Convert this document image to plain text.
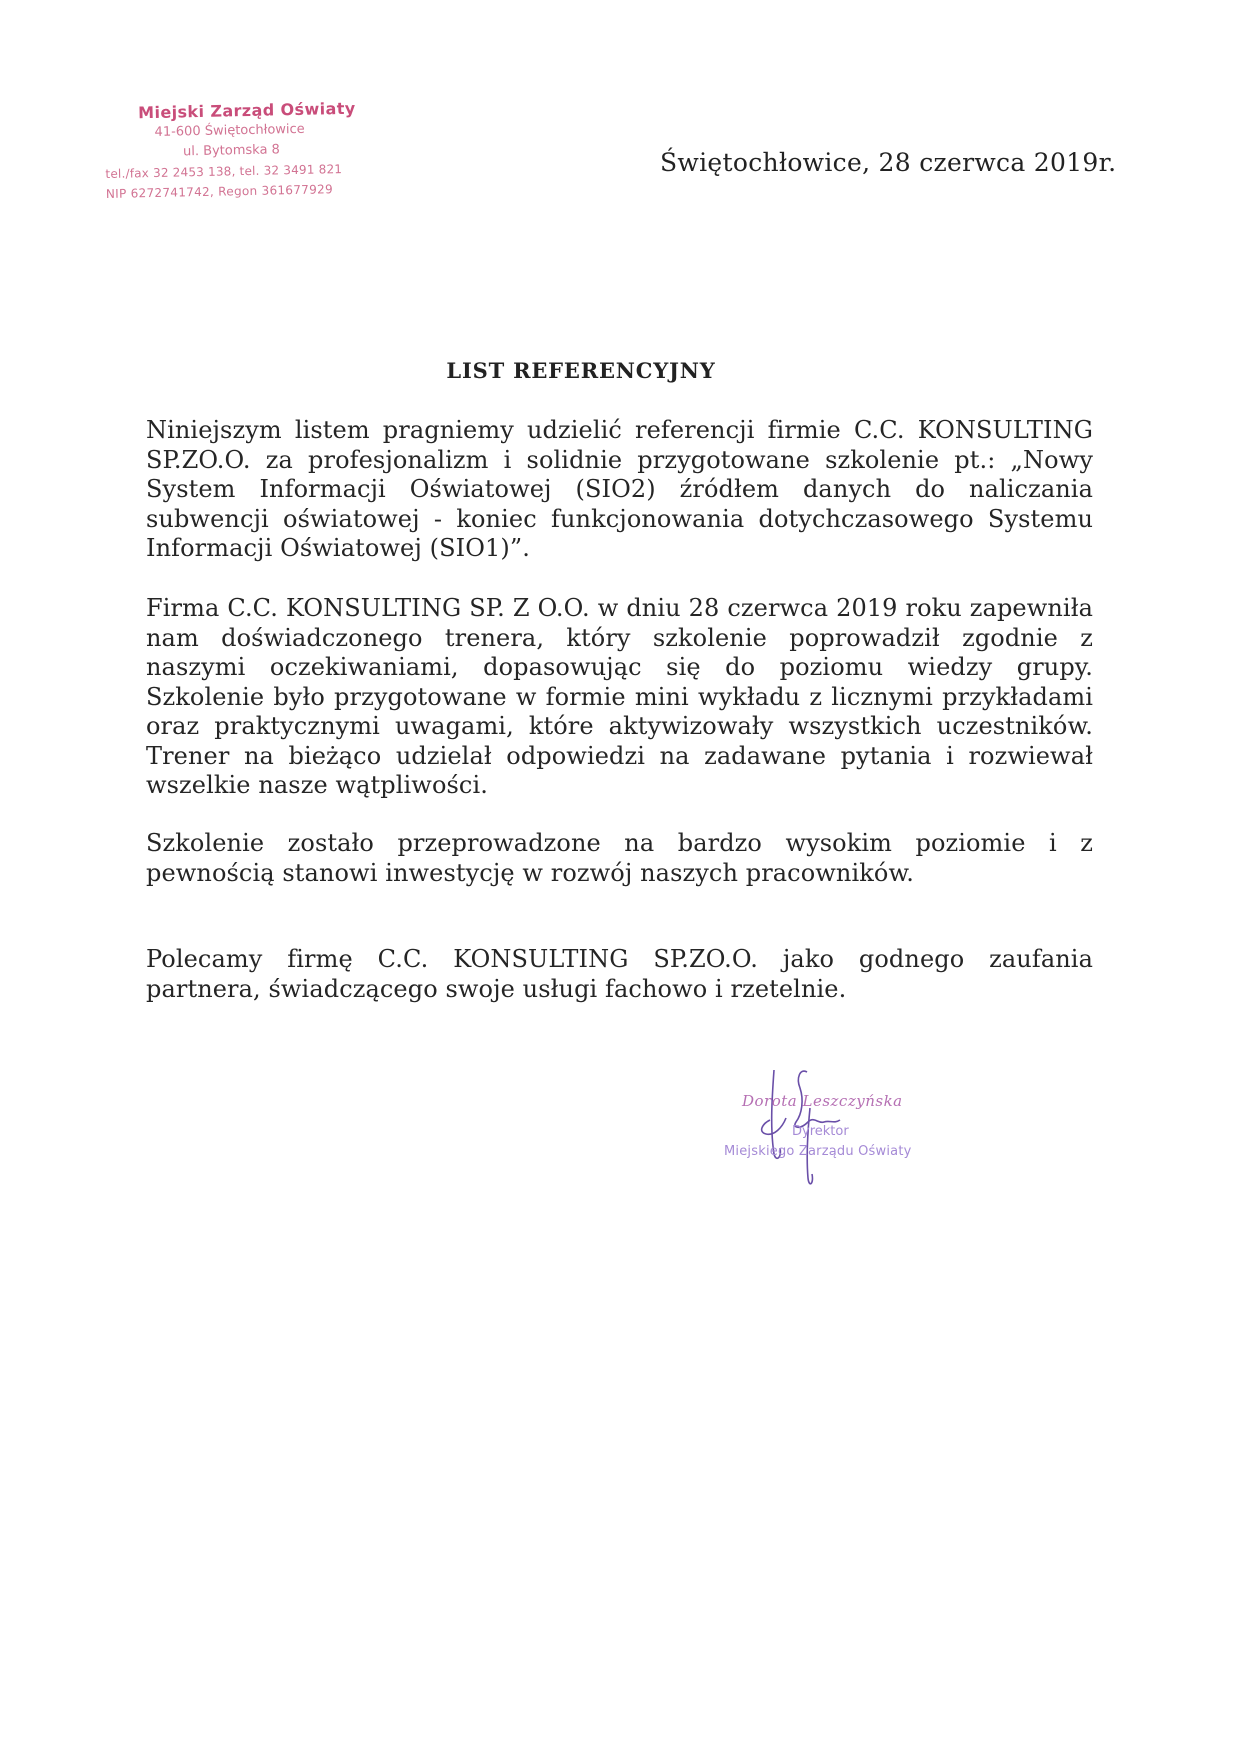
Miejski Zarząd Oświaty
41-600 Świętochłowice
ul. Bytomska 8
tel./fax 32 2453 138, tel. 32 3491 821
NIP 6272741742, Regon 361677929
Świętochłowice, 28 czerwca 2019r.
LIST REFERENCYJNY

Niniejszym listem pragniemy udzielić referencji firmie C.C. KONSULTING SP.ZO.O. za profesjonalizm i solidnie przygotowane szkolenie pt.: „Nowy System Informacji Oświatowej (SIO2) źródłem danych do naliczania subwencji oświatowej - koniec funkcjonowania dotychczasowego Systemu Informacji Oświatowej (SIO1)”.

Firma C.C. KONSULTING SP. Z O.O. w dniu 28 czerwca 2019 roku zapewniła nam doświadczonego trenera, który szkolenie poprowadził zgodnie z naszymi oczekiwaniami, dopasowując się do poziomu wiedzy grupy. Szkolenie było przygotowane w formie mini wykładu z licznymi przykładami oraz praktycznymi uwagami, które aktywizowały wszystkich uczestników. Trener na bieżąco udzielał odpowiedzi na zadawane pytania i rozwiewał wszelkie nasze wątpliwości.

Szkolenie zostało przeprowadzone na bardzo wysokim poziomie i z pewnością stanowi inwestycję w rozwój naszych pracowników.

Polecamy firmę C.C. KONSULTING SP.ZO.O. jako godnego zaufania partnera, świadczącego swoje usługi fachowo i rzetelnie.

Dorota Leszczyńska
Dyrektor
Miejskiego Zarządu Oświaty
